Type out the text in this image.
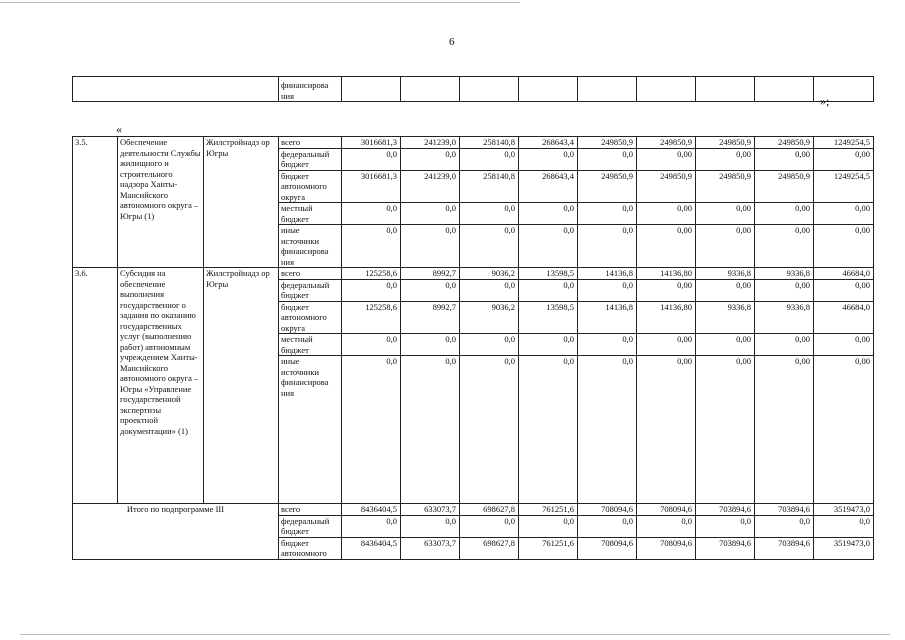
6
	финансирова ния										»;
«
3.5.	Обеспечение деятельности Службы жилищного и строительного надзора Ханты-Мансийского автономного округа – Югры (1)	Жилстройнадз ор Югры	всего	3016681,3	241239,0	258140,8	268643,4	249850,9	249850,9	249850,9	249850,9	1249254,5
			федеральный бюджет	0,0	0,0	0,0	0,0	0,0	0,00	0,00	0,00	0,00
			бюджет автономного округа	3016681,3	241239,0	258140,8	268643,4	249850,9	249850,9	249850,9	249850,9	1249254,5
			местный бюджет	0,0	0,0	0,0	0,0	0,0	0,00	0,00	0,00	0,00
			иные источники финансирова ния	0,0	0,0	0,0	0,0	0,0	0,00	0,00	0,00	0,00
3.6.	Субсидия на обеспечение выполнения государственног о задания по оказанию государственных услуг (выполнению работ) автономным учреждением Ханты-Мансийского автономного округа – Югры «Управление государственной экспертизы проектной документации» (1)	Жилстройнадз ор Югры	всего	125258,6	8992,7	9036,2	13598,5	14136,8	14136,80	9336,8	9336,8	46684,0
			федеральный бюджет	0,0	0,0	0,0	0,0	0,0	0,00	0,00	0,00	0,00
			бюджет автономного округа	125258,6	8992,7	9036,2	13598,5	14136,8	14136,80	9336,8	9336,8	46684,0
			местный бюджет	0,0	0,0	0,0	0,0	0,0	0,00	0,00	0,00	0,00
			иные источники финансирова ния	0,0	0,0	0,0	0,0	0,0	0,00	0,00	0,00	0,00
Итого по подпрограмме III			всего	8436404,5	633073,7	698627,8	761251,6	708094,6	708094,6	703894,6	703894,6	3519473,0
			федеральный бюджет	0,0	0,0	0,0	0,0	0,0	0,0	0,0	0,0	0,0
			бюджет автономного	8436404,5	633073,7	698627,8	761251,6	708094,6	708094,6	703894,6	703894,6	3519473,0
